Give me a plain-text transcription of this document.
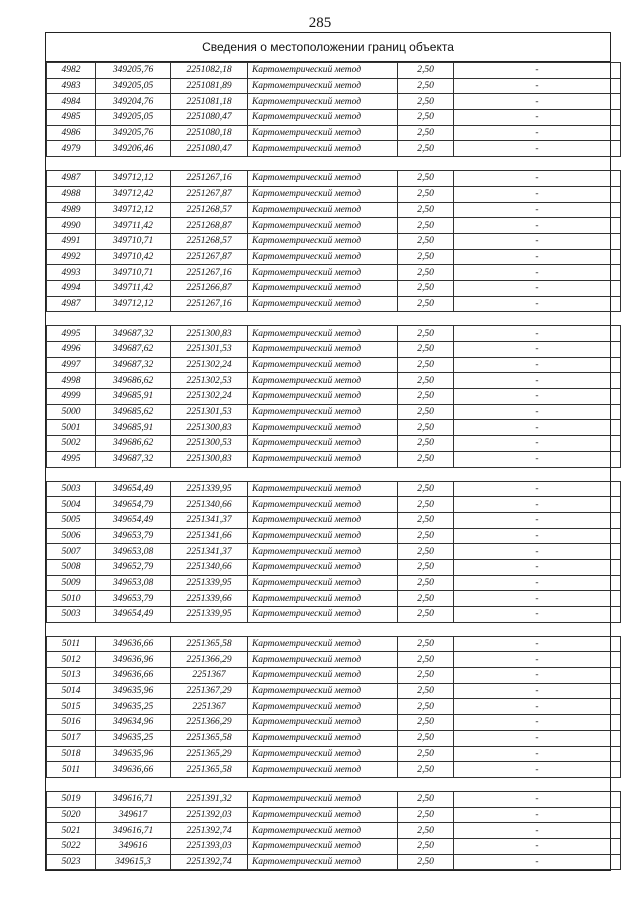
285
Сведения о местоположении границ объекта
4982	349205,76	2251082,18	Картометрический метод	2,50	-
4983	349205,05	2251081,89	Картометрический метод	2,50	-
4984	349204,76	2251081,18	Картометрический метод	2,50	-
4985	349205,05	2251080,47	Картометрический метод	2,50	-
4986	349205,76	2251080,18	Картометрический метод	2,50	-
4979	349206,46	2251080,47	Картометрический метод	2,50	-

4987	349712,12	2251267,16	Картометрический метод	2,50	-
4988	349712,42	2251267,87	Картометрический метод	2,50	-
4989	349712,12	2251268,57	Картометрический метод	2,50	-
4990	349711,42	2251268,87	Картометрический метод	2,50	-
4991	349710,71	2251268,57	Картометрический метод	2,50	-
4992	349710,42	2251267,87	Картометрический метод	2,50	-
4993	349710,71	2251267,16	Картометрический метод	2,50	-
4994	349711,42	2251266,87	Картометрический метод	2,50	-
4987	349712,12	2251267,16	Картометрический метод	2,50	-

4995	349687,32	2251300,83	Картометрический метод	2,50	-
4996	349687,62	2251301,53	Картометрический метод	2,50	-
4997	349687,32	2251302,24	Картометрический метод	2,50	-
4998	349686,62	2251302,53	Картометрический метод	2,50	-
4999	349685,91	2251302,24	Картометрический метод	2,50	-
5000	349685,62	2251301,53	Картометрический метод	2,50	-
5001	349685,91	2251300,83	Картометрический метод	2,50	-
5002	349686,62	2251300,53	Картометрический метод	2,50	-
4995	349687,32	2251300,83	Картометрический метод	2,50	-

5003	349654,49	2251339,95	Картометрический метод	2,50	-
5004	349654,79	2251340,66	Картометрический метод	2,50	-
5005	349654,49	2251341,37	Картометрический метод	2,50	-
5006	349653,79	2251341,66	Картометрический метод	2,50	-
5007	349653,08	2251341,37	Картометрический метод	2,50	-
5008	349652,79	2251340,66	Картометрический метод	2,50	-
5009	349653,08	2251339,95	Картометрический метод	2,50	-
5010	349653,79	2251339,66	Картометрический метод	2,50	-
5003	349654,49	2251339,95	Картометрический метод	2,50	-

5011	349636,66	2251365,58	Картометрический метод	2,50	-
5012	349636,96	2251366,29	Картометрический метод	2,50	-
5013	349636,66	2251367	Картометрический метод	2,50	-
5014	349635,96	2251367,29	Картометрический метод	2,50	-
5015	349635,25	2251367	Картометрический метод	2,50	-
5016	349634,96	2251366,29	Картометрический метод	2,50	-
5017	349635,25	2251365,58	Картометрический метод	2,50	-
5018	349635,96	2251365,29	Картометрический метод	2,50	-
5011	349636,66	2251365,58	Картометрический метод	2,50	-

5019	349616,71	2251391,32	Картометрический метод	2,50	-
5020	349617	2251392,03	Картометрический метод	2,50	-
5021	349616,71	2251392,74	Картометрический метод	2,50	-
5022	349616	2251393,03	Картометрический метод	2,50	-
5023	349615,3	2251392,74	Картометрический метод	2,50	-
